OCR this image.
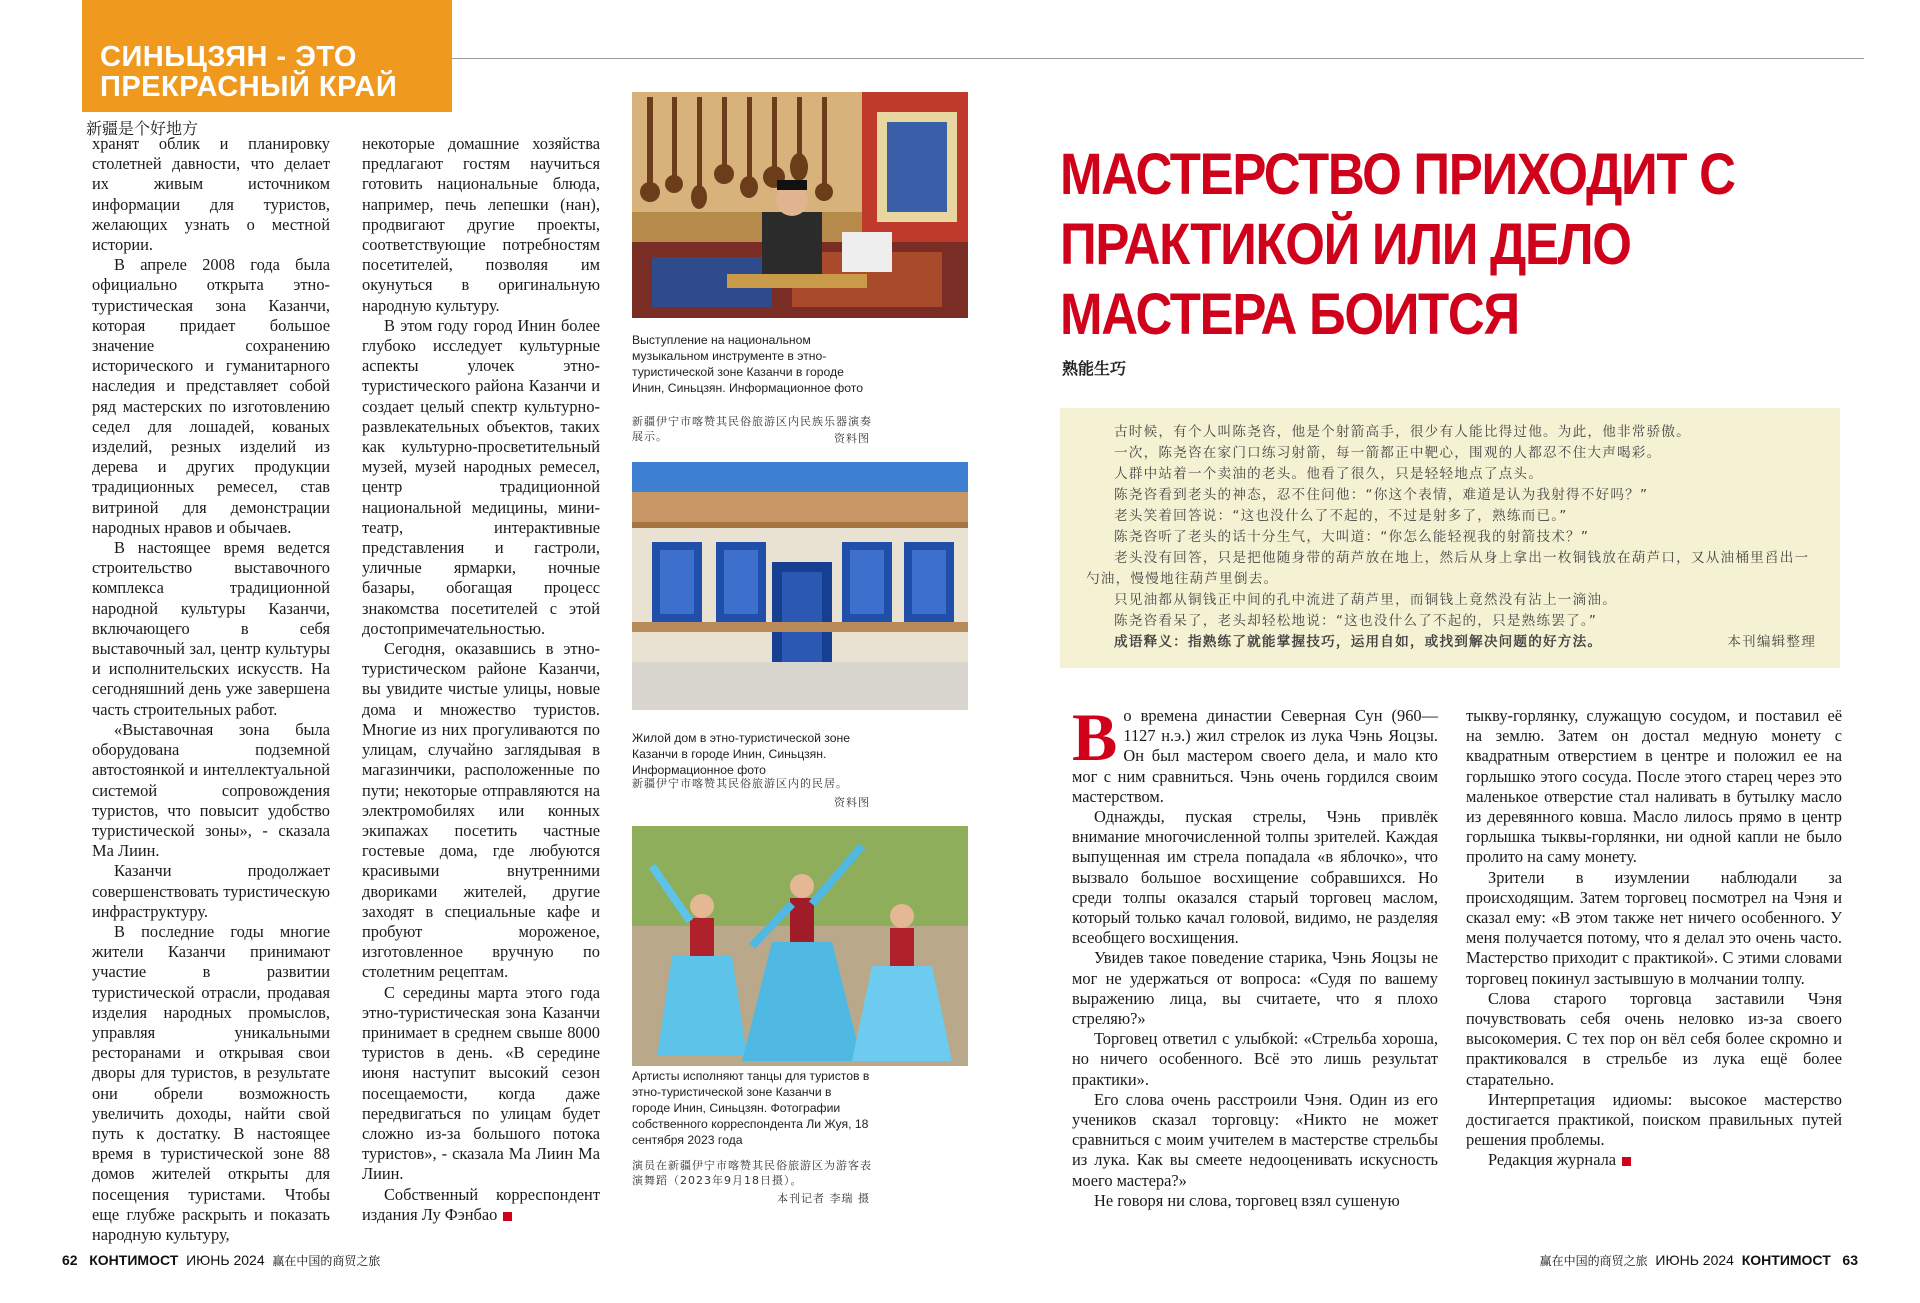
СИНЬЦЗЯН - ЭТО
ПРЕКРАСНЫЙ КРАЙ
新疆是个好地方

хранят облик и планировку столетней давности, что делает их живым источником информации для туристов, желающих узнать о местной истории.

В апреле 2008 года была официально открыта этно-туристическая зона Казанчи, которая придает большое значение сохранению исторического и гуманитарного наследия и представляет собой ряд мастерских по изготовлению седел для лошадей, кованых изделий, резных изделий из дерева и других продукции традиционных ремесел, став витриной для демонстрации народных нравов и обычаев.

В настоящее время ведется строительство выставочного комплекса традиционной народной культуры Казанчи, включающего в себя выставочный зал, центр культуры и исполнительских искусств. На сегодняшний день уже завершена часть строительных работ.

«Выставочная зона была оборудована подземной автостоянкой и интеллектуальной системой сопровождения туристов, что повысит удобство туристической зоны», - сказала Ма Лиин.

Казанчи продолжает совершенствовать туристическую инфраструктуру.

В последние годы многие жители Казанчи принимают участие в развитии туристической отрасли, продавая изделия народных промыслов, управляя уникальными ресторанами и открывая свои дворы для туристов, в результате они обрели возможность увеличить доходы, найти свой путь к достатку. В настоящее время в туристической зоне 88 домов жителей открыты для посещения туристами. Чтобы еще глубже раскрыть и показать народную культуру,

некоторые домашние хозяйства предлагают гостям научиться готовить национальные блюда, например, печь лепешки (нан), продвигают другие проекты, соответствующие потребностям посетителей, позволяя им окунуться в оригинальную народную культуру.

В этом году город Инин более глубоко исследует культурные аспекты улочек этно-туристического района Казанчи и создает целый спектр культурно-развлекательных объектов, таких как культурно-просветительный музей, музей народных ремесел, центр традиционной национальной медицины, мини-театр, интерактивные представления и гастроли, уличные ярмарки, ночные базары, обогащая процесс знакомства посетителей с этой достопримечательностью.

Сегодня, оказавшись в этно-туристическом районе Казанчи, вы увидите чистые улицы, новые дома и множество туристов. Многие из них прогуливаются по улицам, случайно заглядывая в магазинчики, расположенные по пути; некоторые отправляются на электромобилях или конных экипажах посетить частные гостевые дома, где любуются красивыми внутренними двориками жителей, другие заходят в специальные кафе и пробуют мороженое, изготовленное вручную по столетним рецептам.

С середины марта этого года этно-туристическая зона Казанчи принимает в среднем свыше 8000 туристов в день. «В середине июня наступит высокий сезон посещаемости, когда даже передвигаться по улицам будет сложно из-за большого потока туристов», - сказала Ма Лиин Ма Лиин.

Собственный корреспондент издания Лу Фэнбао

Выступление на национальном музыкальном инструменте в этно-туристической зоне Казанчи в городе Инин, Синьцзян. Информационное фото
新疆伊宁市喀赞其民俗旅游区内民族乐器演奏展示。	资料图
Жилой дом в этно-туристической зоне Казанчи в городе Инин, Синьцзян. Информационное фото
新疆伊宁市喀赞其民俗旅游区内的民居。
资料图
Артисты исполняют танцы для туристов в этно-туристической зоне Казанчи в городе Инин, Синьцзян. Фотографии собственного корреспондента Ли Жуя, 18 сентября 2023 года
演员在新疆伊宁市喀赞其民俗旅游区为游客表演舞蹈（2023年9月18日摄）。
本刊记者 李瑞 摄
МАСТЕРСТВО ПРИХОДИТ С ПРАКТИКОЙ ИЛИ ДЕЛО МАСТЕРА БОИТСЯ
熟能生巧

古时候，有个人叫陈尧咨，他是个射箭高手，很少有人能比得过他。为此，他非常骄傲。

一次，陈尧咨在家门口练习射箭，每一箭都正中靶心，围观的人都忍不住大声喝彩。

人群中站着一个卖油的老头。他看了很久，只是轻轻地点了点头。

陈尧咨看到老头的神态，忍不住问他：“你这个表情，难道是认为我射得不好吗？”

老头笑着回答说：“这也没什么了不起的，不过是射多了，熟练而已。”

陈尧咨听了老头的话十分生气，大叫道：“你怎么能轻视我的射箭技术？”

老头没有回答，只是把他随身带的葫芦放在地上，然后从身上拿出一枚铜钱放在葫芦口，又从油桶里舀出一勺油，慢慢地往葫芦里倒去。

只见油都从铜钱正中间的孔中流进了葫芦里，而铜钱上竟然没有沾上一滴油。

陈尧咨看呆了，老头却轻松地说：“这也没什么了不起的，只是熟练罢了。”

成语释义：指熟练了就能掌握技巧，运用自如，或找到解决问题的好方法。	本刊编辑整理

Во времена династии Северная Сун (960—1127 н.э.) жил стрелок из лука Чэнь Яоцзы. Он был мастером своего дела, и мало кто мог с ним сравниться. Чэнь очень гордился своим мастерством.

Однажды, пуская стрелы, Чэнь привлёк внимание многочисленной толпы зрителей. Каждая выпущенная им стрела попадала «в яблочко», что вызвало большое восхищение собравшихся. Но среди толпы оказался старый торговец маслом, который только качал головой, видимо, не разделяя всеобщего восхищения.

Увидев такое поведение старика, Чэнь Яоцзы не мог не удержаться от вопроса: «Судя по вашему выражению лица, вы считаете, что я плохо стреляю?»

Торговец ответил с улыбкой: «Стрельба хороша, но ничего особенного. Всё это лишь результат практики».

Его слова очень расстроили Чэня. Один из его учеников сказал торговцу: «Никто не может сравниться с моим учителем в мастерстве стрельбы из лука. Как вы смеете недооценивать искусность моего мастера?»

Не говоря ни слова, торговец взял сушеную

тыкву-горлянку, служащую сосудом, и поставил её на землю. Затем он достал медную монету с квадратным отверстием в центре и положил ее на горлышко этого сосуда. После этого старец через это маленькое отверстие стал наливать в бутылку масло из деревянного ковша. Масло лилось прямо в центр горлышка тыквы-горлянки, ни одной капли не было пролито на саму монету.

Зрители в изумлении наблюдали за происходящим. Затем торговец посмотрел на Чэня и сказал ему: «В этом также нет ничего особенного. У меня получается потому, что я делал это очень часто. Мастерство приходит с практикой». С этими словами торговец покинул застывшую в молчании толпу.

Слова старого торговца заставили Чэня почувствовать себя очень неловко из-за своего высокомерия. С тех пор он вёл себя более скромно и практиковался в стрельбе из лука ещё более старательно.

Интерпретация идиомы: высокое мастерство достигается практикой, поиском правильных путей решения проблемы.

Редакция журнала

62 КОНТИМОСТ ИЮНЬ 2024 赢在中国的商贸之旅	赢在中国的商贸之旅 ИЮНЬ 2024 КОНТИМОСТ 63
